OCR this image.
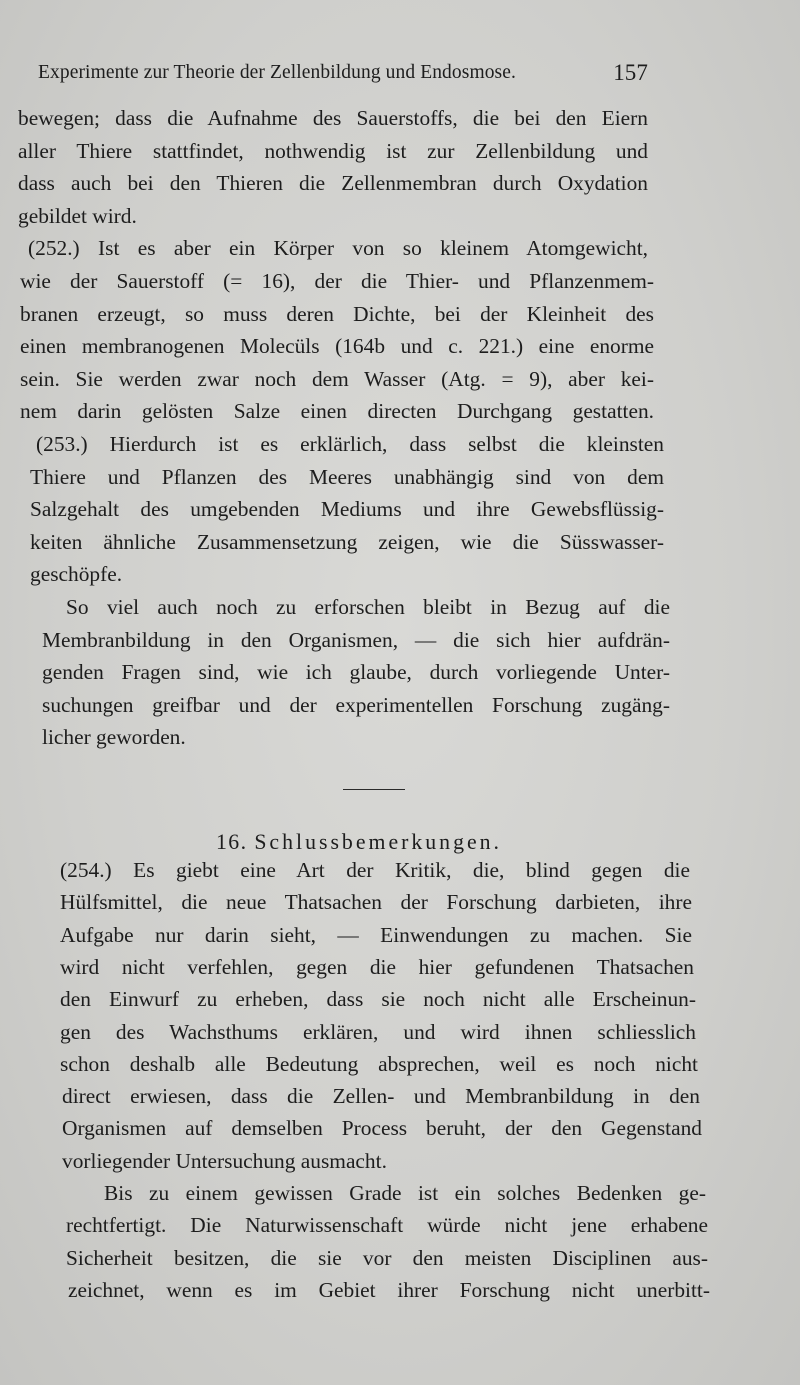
Experimente zur Theorie der Zellenbildung und Endosmose.	157
bewegen; dass die Aufnahme des Sauerstoffs, die bei den Eiern
aller Thiere stattfindet, nothwendig ist zur Zellenbildung und
dass auch bei den Thieren die Zellenmembran durch Oxydation
gebildet wird.
(252.) Ist es aber ein Körper von so kleinem Atomgewicht,
wie der Sauerstoff (= 16), der die Thier- und Pflanzenmem-
branen erzeugt, so muss deren Dichte, bei der Kleinheit des
einen membranogenen Molecüls (164b und c. 221.) eine enorme
sein. Sie werden zwar noch dem Wasser (Atg. = 9), aber kei-
nem darin gelösten Salze einen directen Durchgang gestatten.
(253.) Hierdurch ist es erklärlich, dass selbst die kleinsten
Thiere und Pflanzen des Meeres unabhängig sind von dem
Salzgehalt des umgebenden Mediums und ihre Gewebsflüssig-
keiten ähnliche Zusammensetzung zeigen, wie die Süsswasser-
geschöpfe.
So viel auch noch zu erforschen bleibt in Bezug auf die
Membranbildung in den Organismen, — die sich hier aufdrän-
genden Fragen sind, wie ich glaube, durch vorliegende Unter-
suchungen greifbar und der experimentellen Forschung zugäng-
licher geworden.
16. Schlussbemerkungen.
(254.) Es giebt eine Art der Kritik, die, blind gegen die
Hülfsmittel, die neue Thatsachen der Forschung darbieten, ihre
Aufgabe nur darin sieht, — Einwendungen zu machen. Sie
wird nicht verfehlen, gegen die hier gefundenen Thatsachen
den Einwurf zu erheben, dass sie noch nicht alle Erscheinun-
gen des Wachsthums erklären, und wird ihnen schliesslich
schon deshalb alle Bedeutung absprechen, weil es noch nicht
direct erwiesen, dass die Zellen- und Membranbildung in den
Organismen auf demselben Process beruht, der den Gegenstand
vorliegender Untersuchung ausmacht.
Bis zu einem gewissen Grade ist ein solches Bedenken ge-
rechtfertigt. Die Naturwissenschaft würde nicht jene erhabene
Sicherheit besitzen, die sie vor den meisten Disciplinen aus-
zeichnet, wenn es im Gebiet ihrer Forschung nicht unerbitt-
